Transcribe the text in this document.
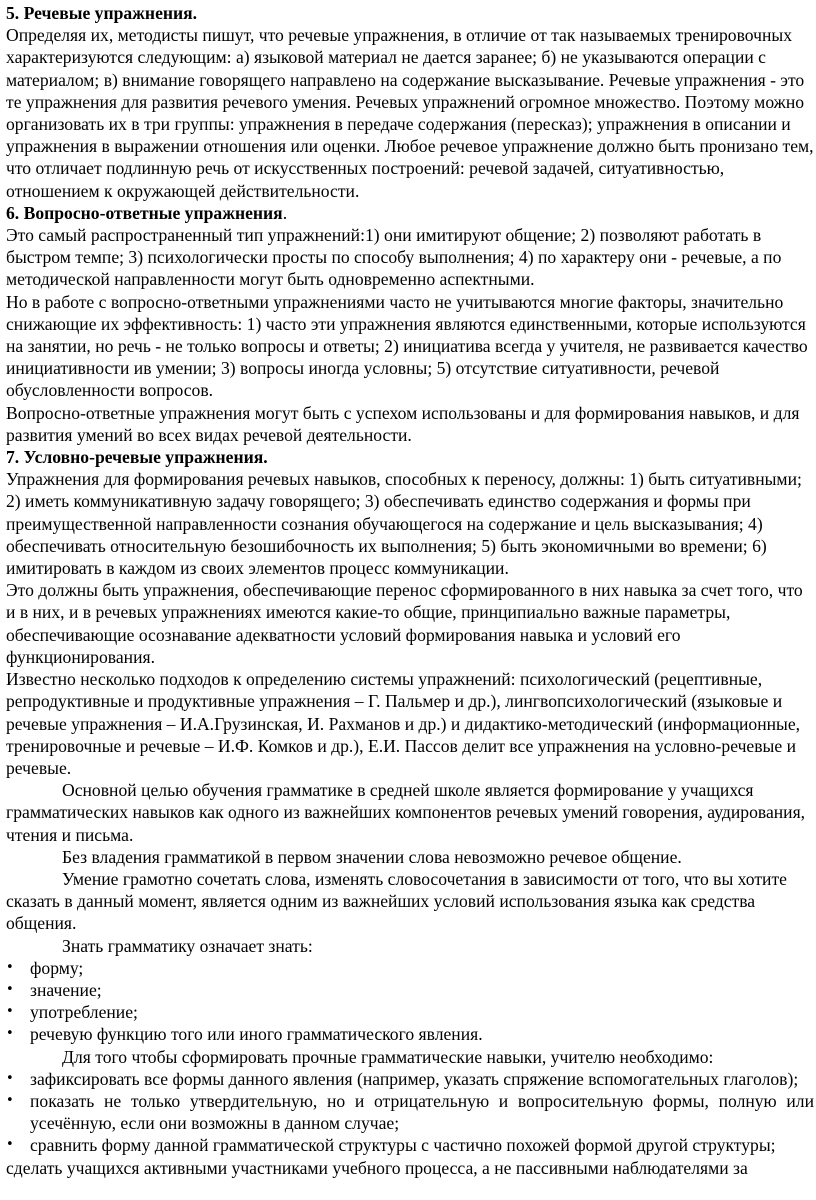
5. Речевые упражнения.

Определяя их, методисты пишут, что речевые упражнения, в отличие от так называемых тренировочных характеризуются следующим: а) языковой материал не дается заранее; б) не указываются операции с материалом; в) внимание говорящего направлено на содержание высказывание. Речевые упражнения - это те упражнения для развития речевого умения. Речевых упражнений огромное множество. Поэтому можно организовать их в три группы: упражнения в передаче содержания (пересказ); упражнения в описании и упражнения в выражении отношения или оценки. Любое речевое упражнение должно быть пронизано тем, что отличает подлинную речь от искусственных построений: речевой задачей, ситуативностью, отношением к окружающей действительности.

6. Вопросно-ответные упражнения.

Это самый распространенный тип упражнений:1) они имитируют общение; 2) позволяют работать в быстром темпе; 3) психологически просты по способу выполнения; 4) по характеру они - речевые, а по методической направленности могут быть одновременно аспектными.

Но в работе с вопросно-ответными упражнениями часто не учитываются многие факторы, значительно снижающие их эффективность: 1) часто эти упражнения являются единственными, которые используются на занятии, но речь - не только вопросы и ответы; 2) инициатива всегда у учителя, не развивается качество инициативности ив умении; 3) вопросы иногда условны; 5) отсутствие ситуативности, речевой обусловленности вопросов.

Вопросно-ответные упражнения могут быть с успехом использованы и для формирования навыков, и для развития умений во всех видах речевой деятельности.

7. Условно-речевые упражнения.

Упражнения для формирования речевых навыков, способных к переносу, должны: 1) быть ситуативными; 2) иметь коммуникативную задачу говорящего; 3) обеспечивать единство содержания и формы при преимущественной направленности сознания обучающегося на содержание и цель высказывания; 4) обеспечивать относительную безошибочность их выполнения; 5) быть экономичными во времени; 6) имитировать в каждом из своих элементов процесс коммуникации.

Это должны быть упражнения, обеспечивающие перенос сформированного в них навыка за счет того, что и в них, и в речевых упражнениях имеются какие-то общие, принципиально важные параметры, обеспечивающие осознавание адекватности условий формирования навыка и условий его функционирования.

Известно несколько подходов к определению системы упражнений: психологический (рецептивные, репродуктивные и продуктивные упражнения – Г. Пальмер и др.), лингвопсихологический (языковые и речевые упражнения – И.А.Грузинская, И. Рахманов и др.) и дидактико-методический (информационные, тренировочные и речевые – И.Ф. Комков и др.), Е.И. Пассов делит все упражнения на условно-речевые и речевые.

Основной целью обучения грамматике в средней школе является формирование у учащихся грамматических навыков как одного из важнейших компонентов речевых умений говорения, аудирования, чтения и письма.

Без владения грамматикой в первом значении слова невозможно речевое общение.

Умение грамотно сочетать слова, изменять словосочетания в зависимости от того, что вы хотите сказать в данный момент, является одним из важнейших условий использования языка как средства общения.

Знать грамматику означает знать:

• форму;
• значение;
• употребление;
• речевую функцию того или иного грамматического явления.

Для того чтобы сформировать прочные грамматические навыки, учителю необходимо:

• зафиксировать все формы данного явления (например, указать спряжение вспомогательных глаголов);
• показать не только утвердительную, но и отрицательную и вопросительную формы, полную или усечённую, если они возможны в данном случае;
• сравнить форму данной грамматической структуры с частично похожей формой другой структуры;

сделать учащихся активными участниками учебного процесса, а не пассивными наблюдателями за
